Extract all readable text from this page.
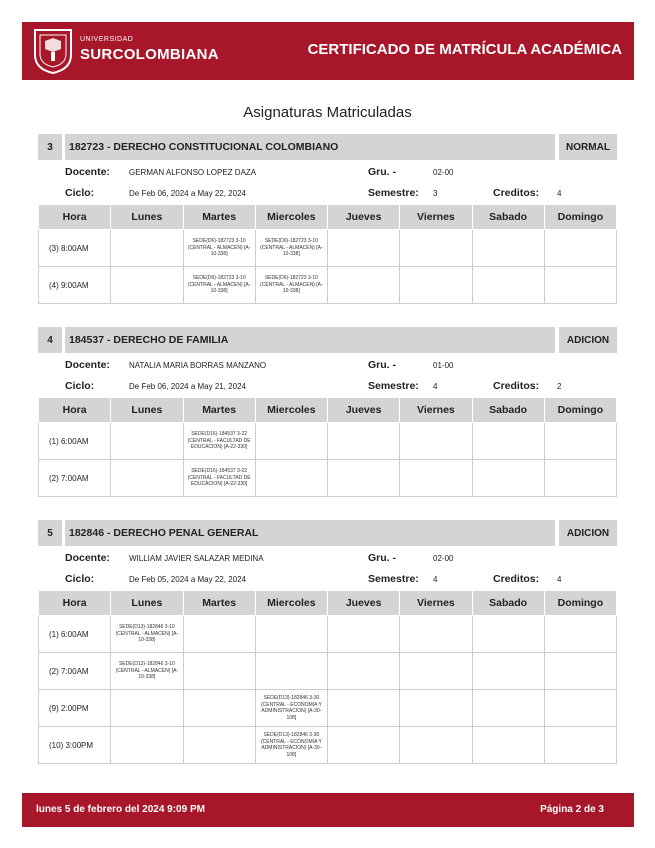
UNIVERSIDAD
SURCOLOMBIANA	CERTIFICADO DE MATRÍCULA ACADÉMICA
Asignaturas Matriculadas
3	182723 - DERECHO CONSTITUCIONAL COLOMBIANO	NORMAL
Docente: GERMAN ALFONSO LOPEZ DAZA	Gru. -	02-00
Ciclo:	De Feb 06, 2024 a May 22, 2024	Semestre: 3	Creditos: 4
Hora	Lunes	Martes	Miercoles	Jueves	Viernes	Sabado	Domingo
(3) 8:00AM		SEDE(D6)-182723 3-10 (CENTRAL - ALMACEN) [A-10-338]	SEDE(D6)-182723 3-10 (CENTRAL - ALMACEN) [A-10-338]				
(4) 9:00AM		SEDE(D6)-182723 3-10 (CENTRAL - ALMACEN) [A-10-338]	SEDE(D6)-182723 3-10 (CENTRAL - ALMACEN) [A-10-338]				
4	184537 - DERECHO DE FAMILIA	ADICION
Docente: NATALIA MARIA BORRAS MANZANO	Gru. -	01-00
Ciclo:	De Feb 06, 2024 a May 21, 2024	Semestre: 4	Creditos: 2
Hora	Lunes	Martes	Miercoles	Jueves	Viernes	Sabado	Domingo
(1) 6:00AM		SEDE(D16)-184537 3-22 (CENTRAL - FACULTAD DE EDUCACION) [A-22-330]					
(2) 7:00AM		SEDE(D16)-184537 3-22 (CENTRAL - FACULTAD DE EDUCACION) [A-22-330]					
5	182846 - DERECHO PENAL GENERAL	ADICION
Docente: WILLIAM JAVIER SALAZAR MEDINA	Gru. -	02-00
Ciclo:	De Feb 05, 2024 a May 22, 2024	Semestre: 4	Creditos: 4
Hora	Lunes	Martes	Miercoles	Jueves	Viernes	Sabado	Domingo
(1) 6:00AM	SEDE(D13)-182846 3-10 (CENTRAL - ALMACEN) [A-10-338]						
(2) 7:00AM	SEDE(D13)-182846 3-10 (CENTRAL - ALMACEN) [A-10-338]						
(9) 2:00PM			SEDE(D13)-182846 3-30 (CENTRAL - ECONOMIA Y ADMINISTRACION) [A-30-108]				
(10) 3:00PM			SEDE(D13)-182846 3-30 (CENTRAL - ECONOMIA Y ADMINISTRACION) [A-30-108]				
lunes 5 de febrero del 2024 9:09 PM	Página 2 de 3
